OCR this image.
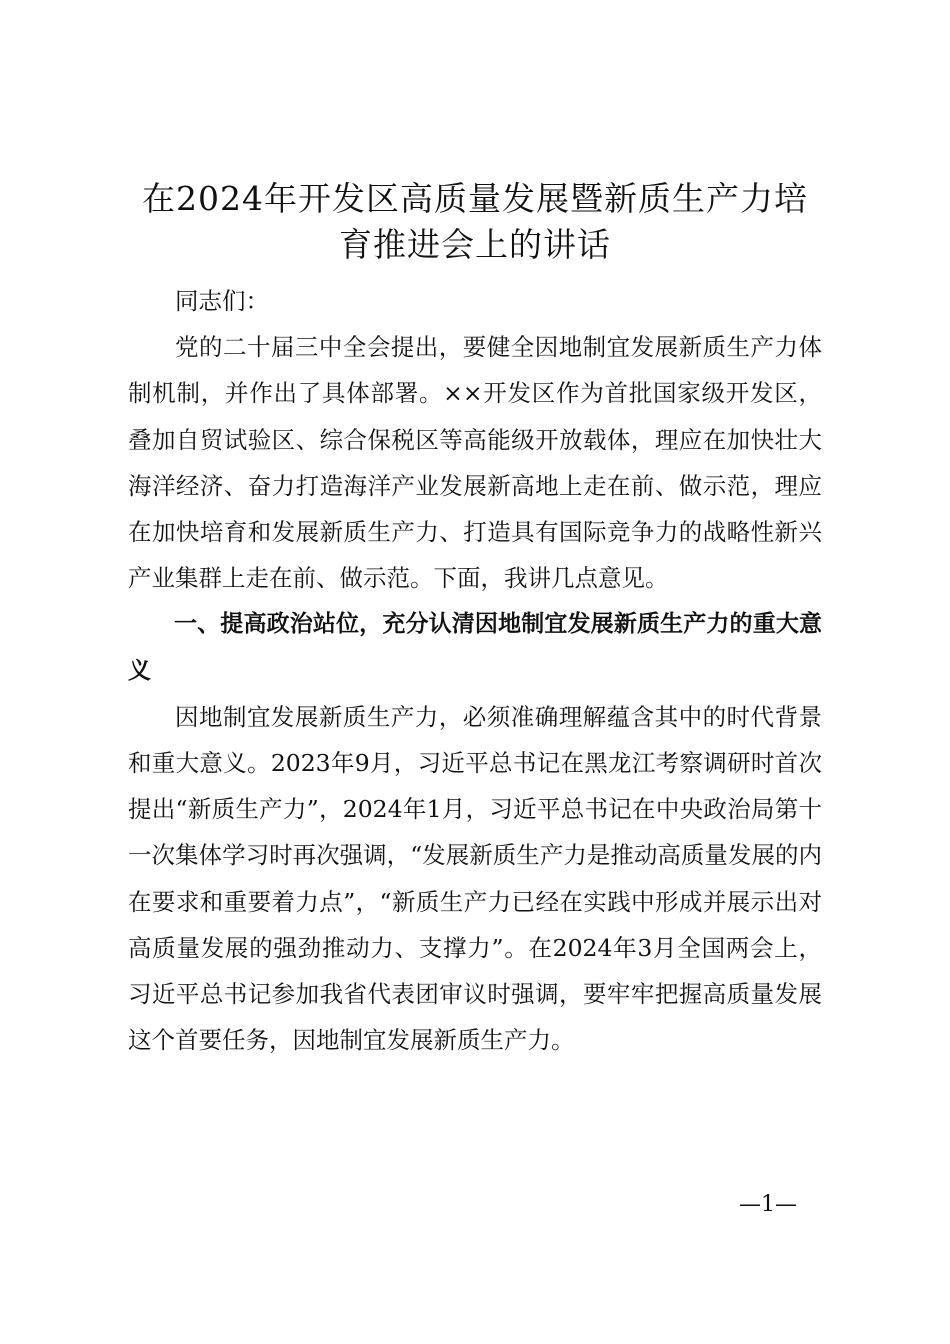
在2024年开发区高质量发展暨新质生产力培
育推进会上的讲话

同志们：

党的二十届三中全会提出，要健全因地制宜发展新质生产力体制机制，并作出了具体部署。××开发区作为首批国家级开发区，叠加自贸试验区、综合保税区等高能级开放载体，理应在加快壮大海洋经济、奋力打造海洋产业发展新高地上走在前、做示范，理应在加快培育和发展新质生产力、打造具有国际竞争力的战略性新兴产业集群上走在前、做示范。下面，我讲几点意见。

一、提高政治站位，充分认清因地制宜发展新质生产力的重大意义

因地制宜发展新质生产力，必须准确理解蕴含其中的时代背景和重大意义。2023年9月，习近平总书记在黑龙江考察调研时首次提出“新质生产力”，2024年1月，习近平总书记在中央政治局第十一次集体学习时再次强调，“发展新质生产力是推动高质量发展的内在要求和重要着力点”，“新质生产力已经在实践中形成并展示出对高质量发展的强劲推动力、支撑力”。在2024年3月全国两会上，习近平总书记参加我省代表团审议时强调，要牢牢把握高质量发展这个首要任务，因地制宜发展新质生产力。

—1—
